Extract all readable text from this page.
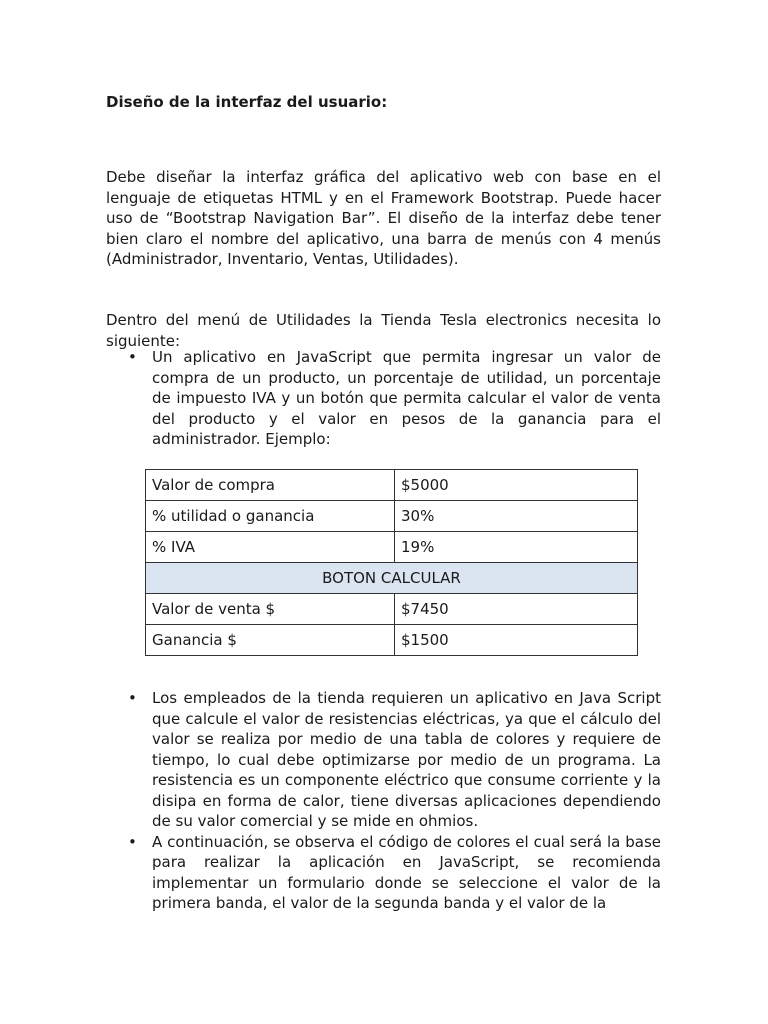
Diseño de la interfaz del usuario:

Debe diseñar la interfaz gráfica del aplicativo web con base en el lenguaje de etiquetas HTML y en el Framework Bootstrap. Puede hacer uso de “Bootstrap Navigation Bar”. El diseño de la interfaz debe tener bien claro el nombre del aplicativo, una barra de menús con 4 menús (Administrador, Inventario, Ventas, Utilidades).

Dentro del menú de Utilidades la Tienda Tesla electronics necesita lo siguiente:

• Un aplicativo en JavaScript que permita ingresar un valor de compra de un producto, un porcentaje de utilidad, un porcentaje de impuesto IVA y un botón que permita calcular el valor de venta del producto y el valor en pesos de la ganancia para el administrador. Ejemplo:
Valor de compra	$5000
% utilidad o ganancia	30%
% IVA	19%
BOTON CALCULAR	
Valor de venta $	$7450
Ganancia $	$1500
• Los empleados de la tienda requieren un aplicativo en Java Script que calcule el valor de resistencias eléctricas, ya que el cálculo del valor se realiza por medio de una tabla de colores y requiere de tiempo, lo cual debe optimizarse por medio de un programa. La resistencia es un componente eléctrico que consume corriente y la disipa en forma de calor, tiene diversas aplicaciones dependiendo de su valor comercial y se mide en ohmios.
• A continuación, se observa el código de colores el cual será la base para realizar la aplicación en JavaScript, se recomienda implementar un formulario donde se seleccione el valor de la primera banda, el valor de la segunda banda y el valor de la
